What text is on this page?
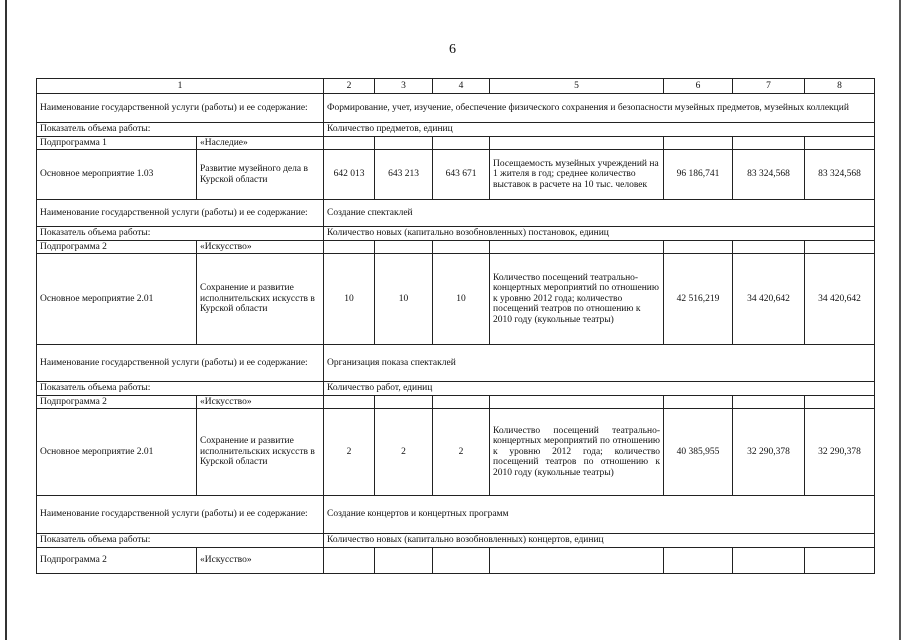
6
1		2	3	4	5	6	7	8
Наименование государственной услуги (работы) и ее содержание:		Формирование, учет, изучение, обеспечение физического сохранения и безопасности музейных предметов, музейных коллекций						
Показатель объема работы:		Количество предметов, единиц						
Подпрограмма 1	«Наследие»							
Основное мероприятие 1.03	Развитие музейного дела в Курской области	642 013	643 213	643 671	Посещаемость музейных учреждений на 1 жителя в год; среднее количество выставок в расчете на 10 тыс. человек	96 186,741	83 324,568	83 324,568
Наименование государственной услуги (работы) и ее содержание:		Создание спектаклей						
Показатель объема работы:		Количество новых (капитально возобновленных) постановок, единиц						
Подпрограмма 2	«Искусство»							
Основное мероприятие 2.01	Сохранение и развитие исполнительских искусств в Курской области	10	10	10	Количество посещений театрально-концертных мероприятий по отношению к уровню 2012 года; количество посещений театров по отношению к 2010 году (кукольные театры)	42 516,219	34 420,642	34 420,642
Наименование государственной услуги (работы) и ее содержание:		Организация показа спектаклей						
Показатель объема работы:		Количество работ, единиц						
Подпрограмма 2	«Искусство»							
Основное мероприятие 2.01	Сохранение и развитие исполнительских искусств в Курской области	2	2	2	Количество посещений театрально-концертных мероприятий по отношению к уровню 2012 года; количество посещений театров по отношению к 2010 году (кукольные театры)	40 385,955	32 290,378	32 290,378
Наименование государственной услуги (работы) и ее содержание:		Создание концертов и концертных программ						
Показатель объема работы:		Количество новых (капитально возобновленных) концертов, единиц						
Подпрограмма 2	«Искусство»							
